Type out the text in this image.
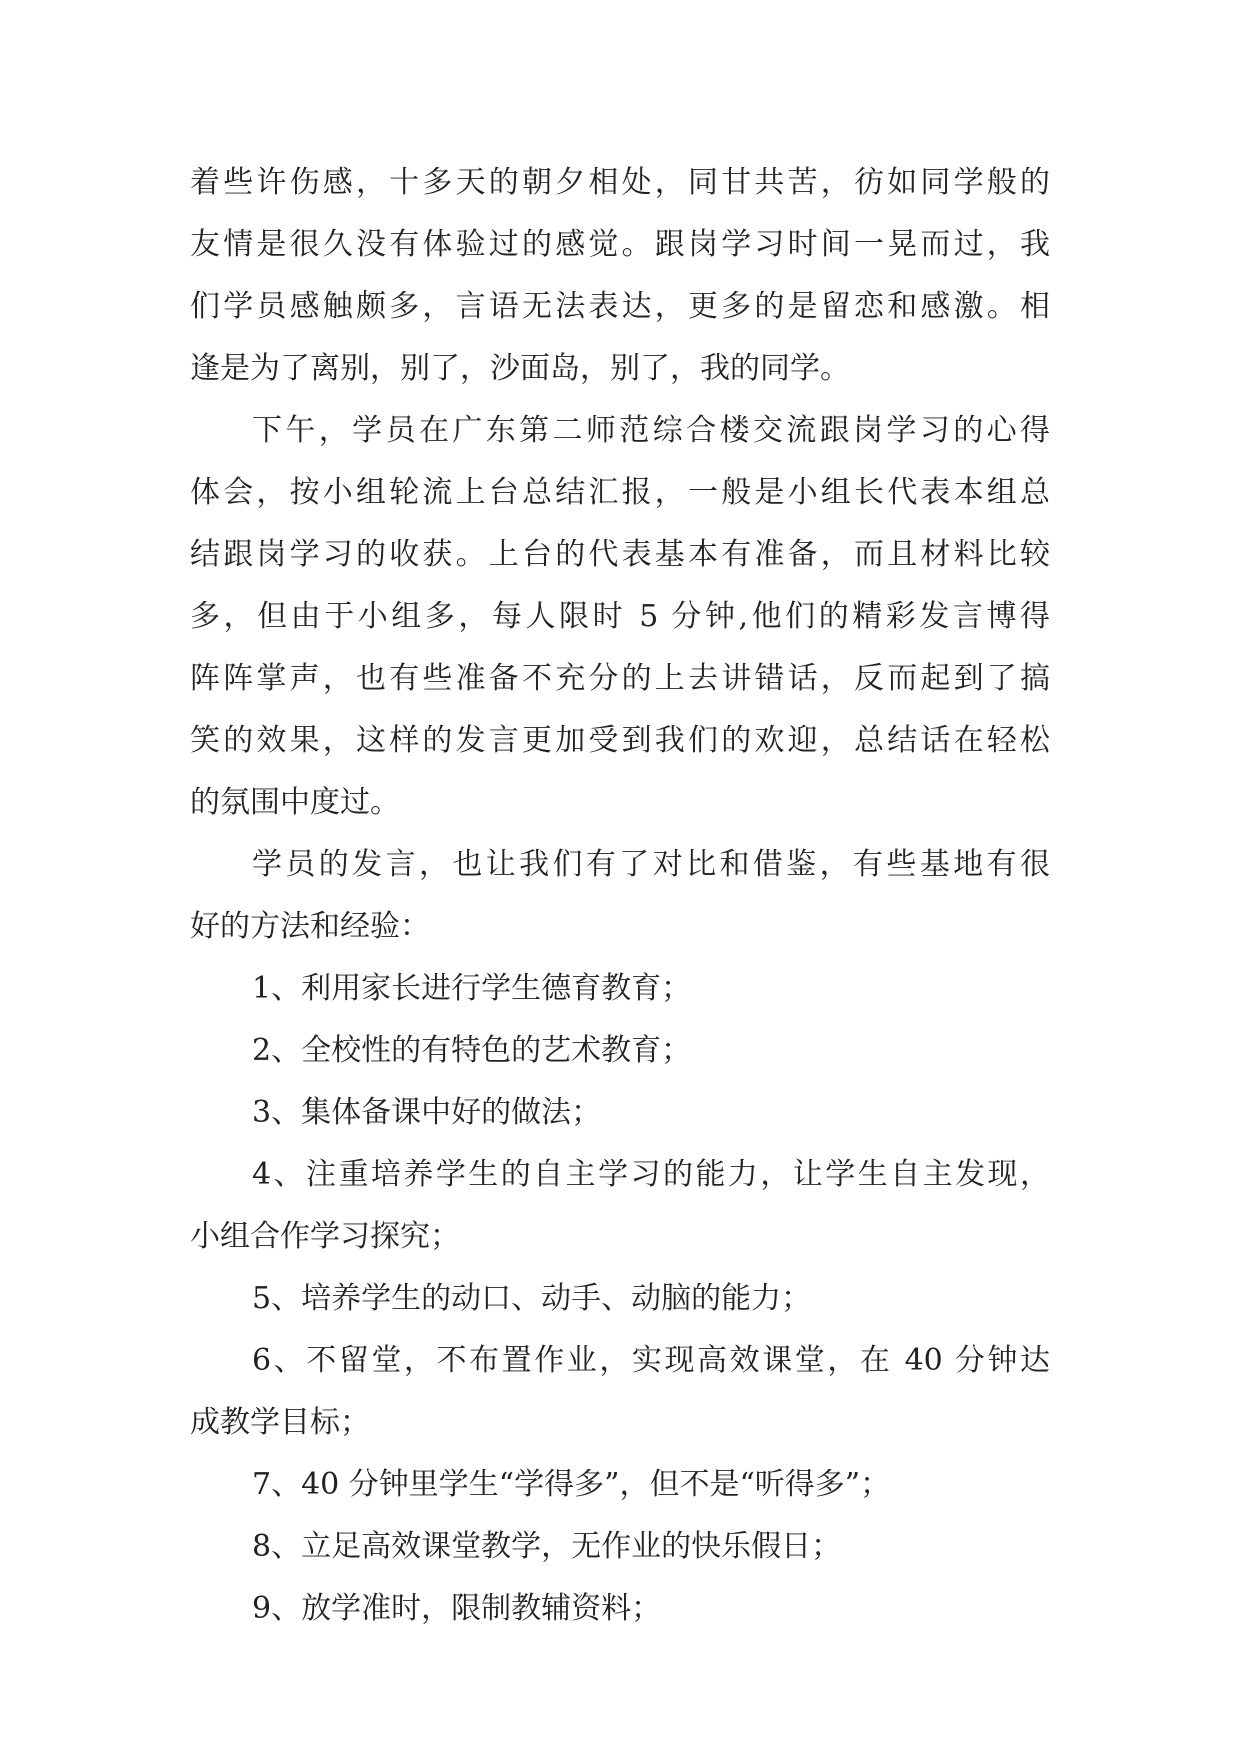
着些许伤感，十多天的朝夕相处，同甘共苦，彷如同学般的
友情是很久没有体验过的感觉。跟岗学习时间一晃而过，我
们学员感触颇多，言语无法表达，更多的是留恋和感激。相
逢是为了离别，别了，沙面岛，别了，我的同学。
下午，学员在广东第二师范综合楼交流跟岗学习的心得
体会，按小组轮流上台总结汇报，一般是小组长代表本组总
结跟岗学习的收获。上台的代表基本有准备，而且材料比较
多，但由于小组多，每人限时 5 分钟,他们的精彩发言博得
阵阵掌声，也有些准备不充分的上去讲错话，反而起到了搞
笑的效果，这样的发言更加受到我们的欢迎，总结话在轻松
的氛围中度过。
学员的发言，也让我们有了对比和借鉴，有些基地有很
好的方法和经验：
1、利用家长进行学生德育教育；
2、全校性的有特色的艺术教育；
3、集体备课中好的做法；
4、注重培养学生的自主学习的能力，让学生自主发现，
小组合作学习探究；
5、培养学生的动口、动手、动脑的能力；
6、不留堂，不布置作业，实现高效课堂，在 40 分钟达
成教学目标；
7、40 分钟里学生“学得多”，但不是“听得多”；
8、立足高效课堂教学，无作业的快乐假日；
9、放学准时，限制教辅资料；
